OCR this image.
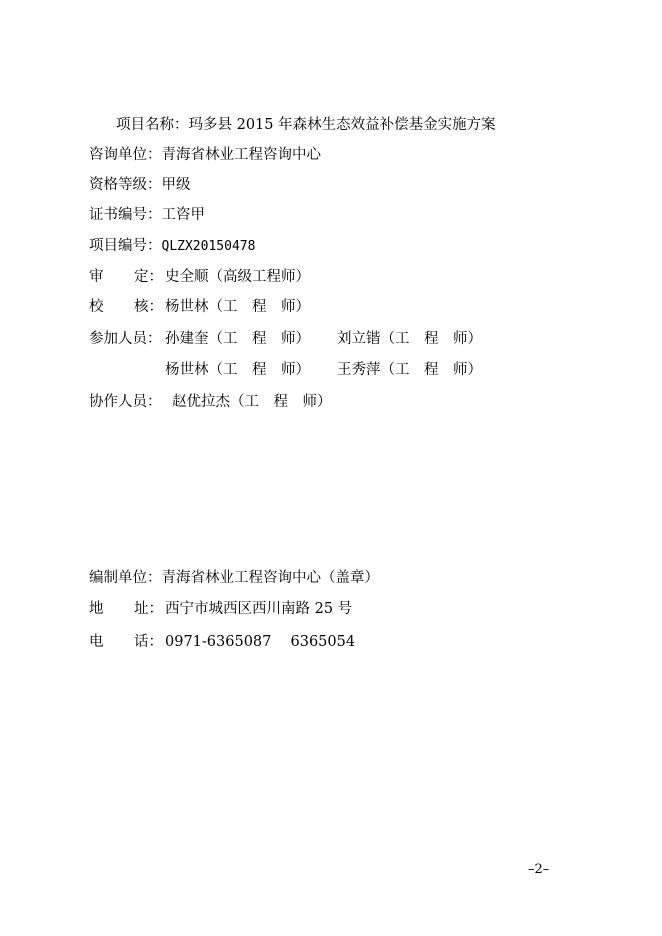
项目名称：玛多县 2015 年森林生态效益补偿基金实施方案
咨询单位：青海省林业工程咨询中心
资格等级：甲级
证书编号：工咨甲
项目编号：QLZX20150478
审 定： 史全顺（高级工程师）
校 核： 杨世林（工　程　师）
参加人员： 孙建奎（工　程　师） 刘立锴（工　程　师）
杨世林（工　程　师） 王秀萍（工　程　师）
协作人员： 赵优拉杰（工　程　师）
编制单位：青海省林业工程咨询中心（盖章）
地 址： 西宁市城西区西川南路 25 号
电 话： 0971-6365087　 6365054
–2–
